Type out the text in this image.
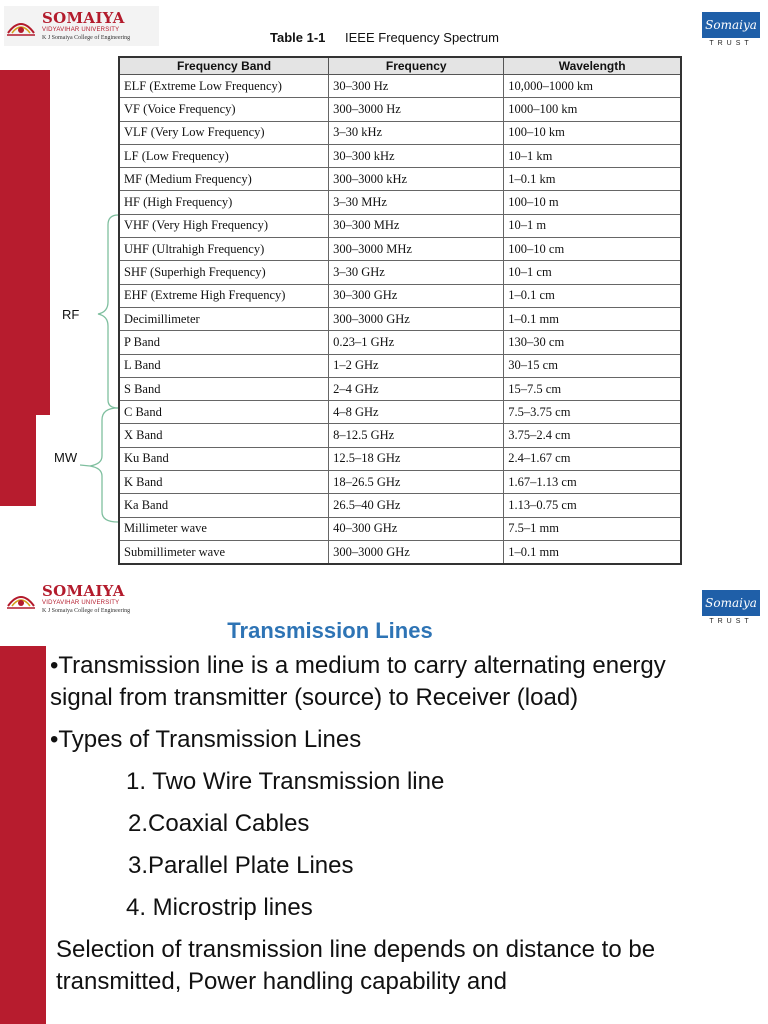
SOMAIYA
VIDYAVIHAR UNIVERSITY
K J Somaiya College of Engineering
Somaiya
TRUST
Table 1-1 IEEE Frequency Spectrum
Frequency Band	Frequency	Wavelength
ELF (Extreme Low Frequency)	30–300 Hz	10,000–1000 km
VF (Voice Frequency)	300–3000 Hz	1000–100 km
VLF (Very Low Frequency)	3–30 kHz	100–10 km
LF (Low Frequency)	30–300 kHz	10–1 km
MF (Medium Frequency)	300–3000 kHz	1–0.1 km
HF (High Frequency)	3–30 MHz	100–10 m
VHF (Very High Frequency)	30–300 MHz	10–1 m
UHF (Ultrahigh Frequency)	300–3000 MHz	100–10 cm
SHF (Superhigh Frequency)	3–30 GHz	10–1 cm
EHF (Extreme High Frequency)	30–300 GHz	1–0.1 cm
Decimillimeter	300–3000 GHz	1–0.1 mm
P Band	0.23–1 GHz	130–30 cm
L Band	1–2 GHz	30–15 cm
S Band	2–4 GHz	15–7.5 cm
C Band	4–8 GHz	7.5–3.75 cm
X Band	8–12.5 GHz	3.75–2.4 cm
Ku Band	12.5–18 GHz	2.4–1.67 cm
K Band	18–26.5 GHz	1.67–1.13 cm
Ka Band	26.5–40 GHz	1.13–0.75 cm
Millimeter wave	40–300 GHz	7.5–1 mm
Submillimeter wave	300–3000 GHz	1–0.1 mm
RF
MW
SOMAIYA
VIDYAVIHAR UNIVERSITY
K J Somaiya College of Engineering
Somaiya
TRUST
Transmission Lines

•Transmission line is a medium to carry alternating energy signal from transmitter (source) to Receiver (load)

•Types of Transmission Lines

1. Two Wire Transmission line
2.Coaxial Cables
3.Parallel Plate Lines
4. Microstrip lines

Selection of transmission line depends on distance to be transmitted, Power handling capability and
